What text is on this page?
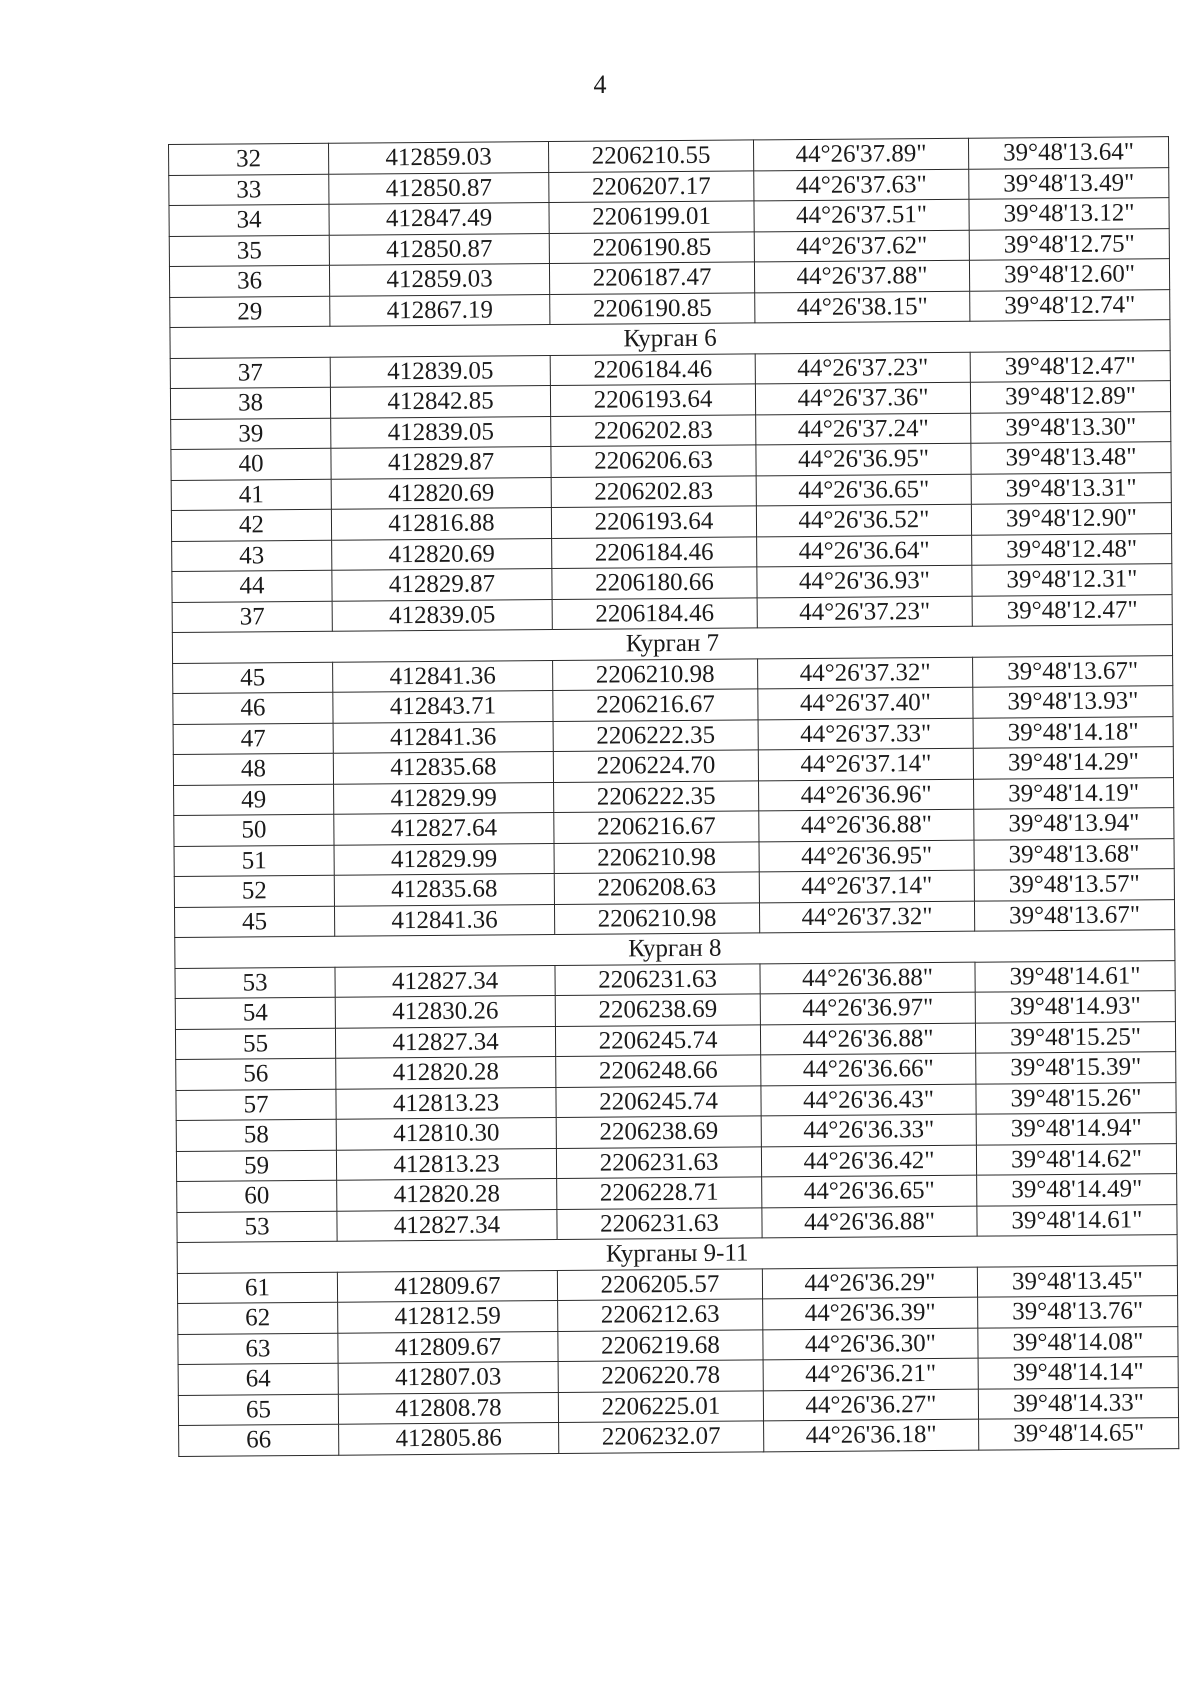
4
32	412859.03	2206210.55	44°26'37.89"	39°48'13.64"
33	412850.87	2206207.17	44°26'37.63"	39°48'13.49"
34	412847.49	2206199.01	44°26'37.51"	39°48'13.12"
35	412850.87	2206190.85	44°26'37.62"	39°48'12.75"
36	412859.03	2206187.47	44°26'37.88"	39°48'12.60"
29	412867.19	2206190.85	44°26'38.15"	39°48'12.74"
Курган 6				
37	412839.05	2206184.46	44°26'37.23"	39°48'12.47"
38	412842.85	2206193.64	44°26'37.36"	39°48'12.89"
39	412839.05	2206202.83	44°26'37.24"	39°48'13.30"
40	412829.87	2206206.63	44°26'36.95"	39°48'13.48"
41	412820.69	2206202.83	44°26'36.65"	39°48'13.31"
42	412816.88	2206193.64	44°26'36.52"	39°48'12.90"
43	412820.69	2206184.46	44°26'36.64"	39°48'12.48"
44	412829.87	2206180.66	44°26'36.93"	39°48'12.31"
37	412839.05	2206184.46	44°26'37.23"	39°48'12.47"
Курган 7				
45	412841.36	2206210.98	44°26'37.32"	39°48'13.67"
46	412843.71	2206216.67	44°26'37.40"	39°48'13.93"
47	412841.36	2206222.35	44°26'37.33"	39°48'14.18"
48	412835.68	2206224.70	44°26'37.14"	39°48'14.29"
49	412829.99	2206222.35	44°26'36.96"	39°48'14.19"
50	412827.64	2206216.67	44°26'36.88"	39°48'13.94"
51	412829.99	2206210.98	44°26'36.95"	39°48'13.68"
52	412835.68	2206208.63	44°26'37.14"	39°48'13.57"
45	412841.36	2206210.98	44°26'37.32"	39°48'13.67"
Курган 8				
53	412827.34	2206231.63	44°26'36.88"	39°48'14.61"
54	412830.26	2206238.69	44°26'36.97"	39°48'14.93"
55	412827.34	2206245.74	44°26'36.88"	39°48'15.25"
56	412820.28	2206248.66	44°26'36.66"	39°48'15.39"
57	412813.23	2206245.74	44°26'36.43"	39°48'15.26"
58	412810.30	2206238.69	44°26'36.33"	39°48'14.94"
59	412813.23	2206231.63	44°26'36.42"	39°48'14.62"
60	412820.28	2206228.71	44°26'36.65"	39°48'14.49"
53	412827.34	2206231.63	44°26'36.88"	39°48'14.61"
Курганы 9-11				
61	412809.67	2206205.57	44°26'36.29"	39°48'13.45"
62	412812.59	2206212.63	44°26'36.39"	39°48'13.76"
63	412809.67	2206219.68	44°26'36.30"	39°48'14.08"
64	412807.03	2206220.78	44°26'36.21"	39°48'14.14"
65	412808.78	2206225.01	44°26'36.27"	39°48'14.33"
66	412805.86	2206232.07	44°26'36.18"	39°48'14.65"
